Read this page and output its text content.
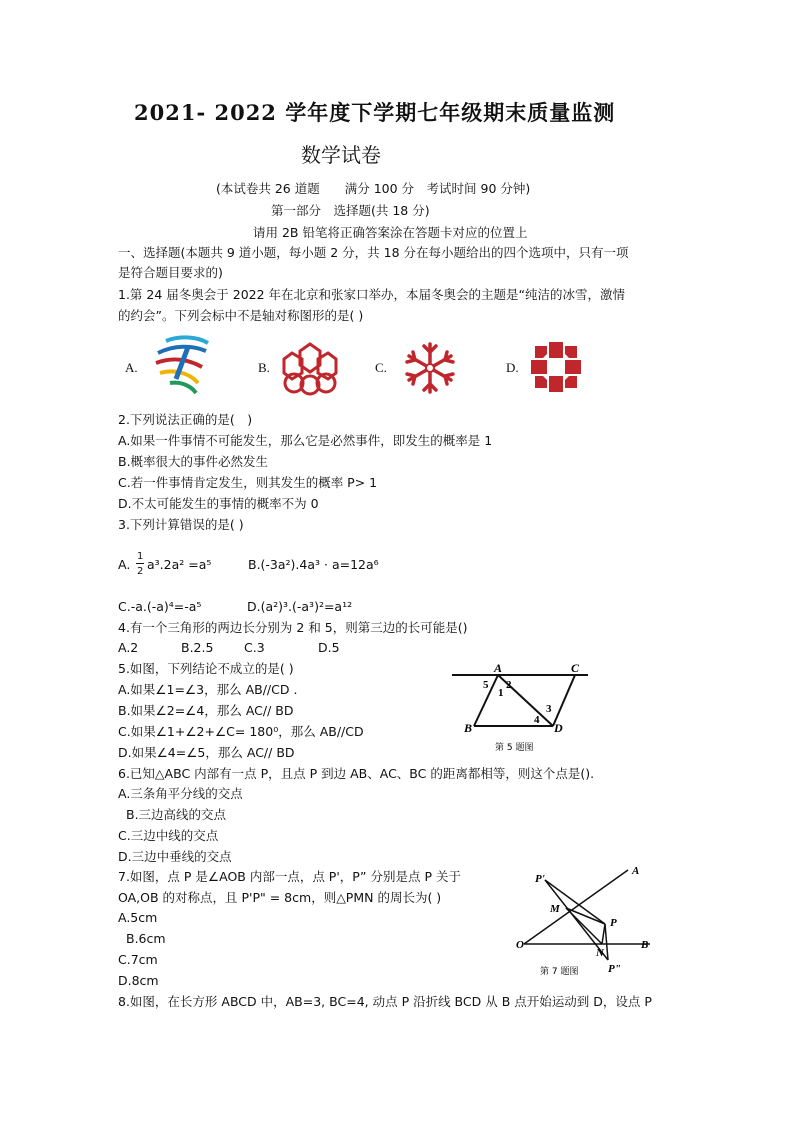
2021- 2022 学年度下学期七年级期末质量监测
数学试卷
(本试卷共 26 道题　　满分 100 分　考试时间 90 分钟)
第一部分　选择题(共 18 分)
请用 2B 铅笔将正确答案涂在答题卡对应的位置上
一、选择题(本题共 9 道小题，每小题 2 分，共 18 分在每小题给出的四个选项中，只有一项
是符合题目要求的)
1.第 24 届冬奥会于 2022 年在北京和张家口举办，本届冬奥会的主题是“纯洁的冰雪，激情
的约会”。下列会标中不是轴对称图形的是( )
A.	B.	C.	D.
2.下列说法正确的是(　)
A.如果一件事情不可能发生，那么它是必然事件，即发生的概率是 1
B.概率很大的事件必然发生
C.若一件事情肯定发生，则其发生的概率 P> 1
D.不太可能发生的事情的概率不为 0
3.下列计算错误的是( )
A.
1
2 a³.2a² =a⁵	B.(-3a²).4a³ · a=12a⁶
C.-a.(-a)⁴=-a⁵	D.(a²)³.(-a³)²=a¹²
4.有一个三角形的两边长分别为 2 和 5，则第三边的长可能是()
A.2	B.2.5 C.3	D.5
5.如图，下列结论不成立的是( )
A.如果∠1=∠3，那么 AB//CD .
B.如果∠2=∠4，那么 AC// BD
C.如果∠1+∠2+∠C= 180⁰，那么 AB//CD
D.如果∠4=∠5，那么 AC// BD
A	C
B	D
5
1
2
3
4
第 5 题图
6.已知△ABC 内部有一点 P，且点 P 到边 AB、AC、BC 的距离都相等，则这个点是().
A.三条角平分线的交点
B.三边高线的交点
C.三边中线的交点
D.三边中垂线的交点
7.如图，点 P 是∠AOB 内部一点，点 P'，P” 分别是点 P 关于
OA,OB 的对称点，且 P'P" = 8cm，则△PMN 的周长为( )
A.5cm
B.6cm
C.7cm
D.8cm
A
P'
M
P
O
N
B
P"
第 7 题图
8.如图，在长方形 ABCD 中，AB=3, BC=4, 动点 P 沿折线 BCD 从 B 点开始运动到 D，设点 P
